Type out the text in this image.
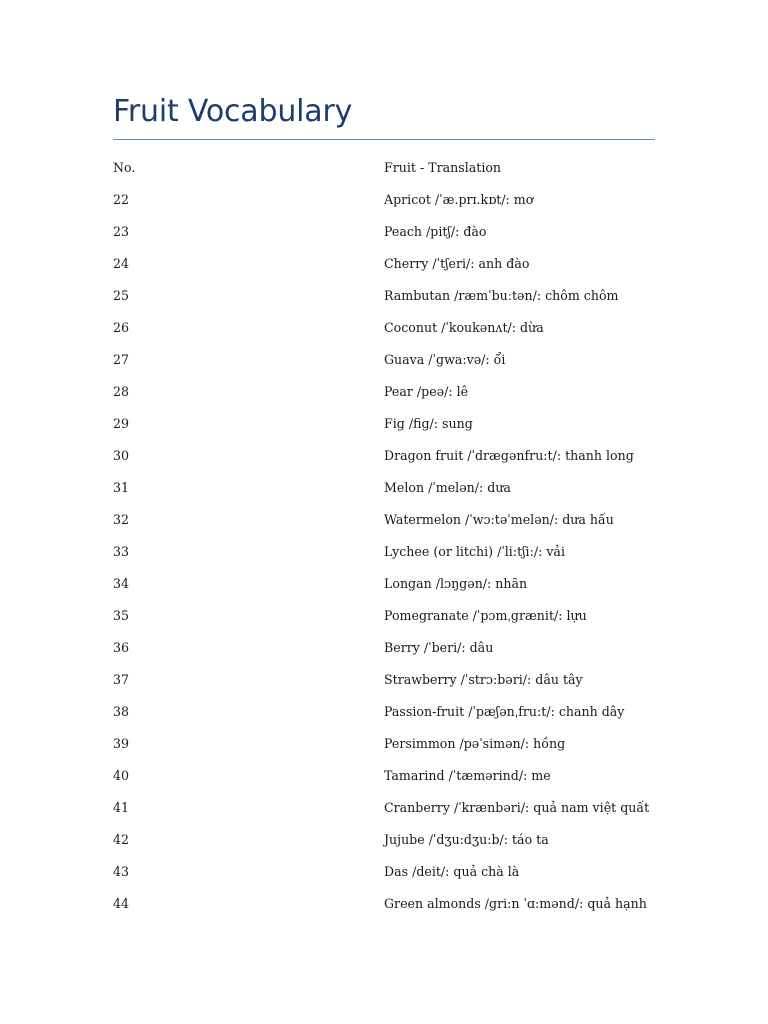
Fruit Vocabulary
No.	Fruit - Translation
22	Apricot /ˈæ.prɪ.kɒt/: mơ
23	Peach /pitʃ/: đào
24	Cherry /ˈtʃeri/: anh đào
25	Rambutan /ræmˈbuːtən/: chôm chôm
26	Coconut /ˈkoukənʌt/: dừa
27	Guava /ˈgwa:və/: ổi
28	Pear /peə/: lê
29	Fig /fig/: sung
30	Dragon fruit /ˈdrægənfru:t/: thanh long
31	Melon /ˈmelən/: dưa
32	Watermelon /ˈwɔ:təˈmelən/: dưa hấu
33	Lychee (or litchi) /ˈli:tʃi:/: vải
34	Longan /lɔŋgən/: nhãn
35	Pomegranate /ˈpɔmˌgrænit/: lựu
36	Berry /ˈberi/: dâu
37	Strawberry /ˈstrɔ:bəri/: dâu tây
38	Passion-fruit /ˈpæʃənˌfru:t/: chanh dây
39	Persimmon /pəˈsimən/: hồng
40	Tamarind /ˈtæmərind/: me
41	Cranberry /ˈkrænbəri/: quả nam việt quất
42	Jujube /ˈdʒu:dʒu:b/: táo ta
43	Das /deit/: quả chà là
44	Green almonds /gri:n ˈɑ:mənd/: quả hạnh
